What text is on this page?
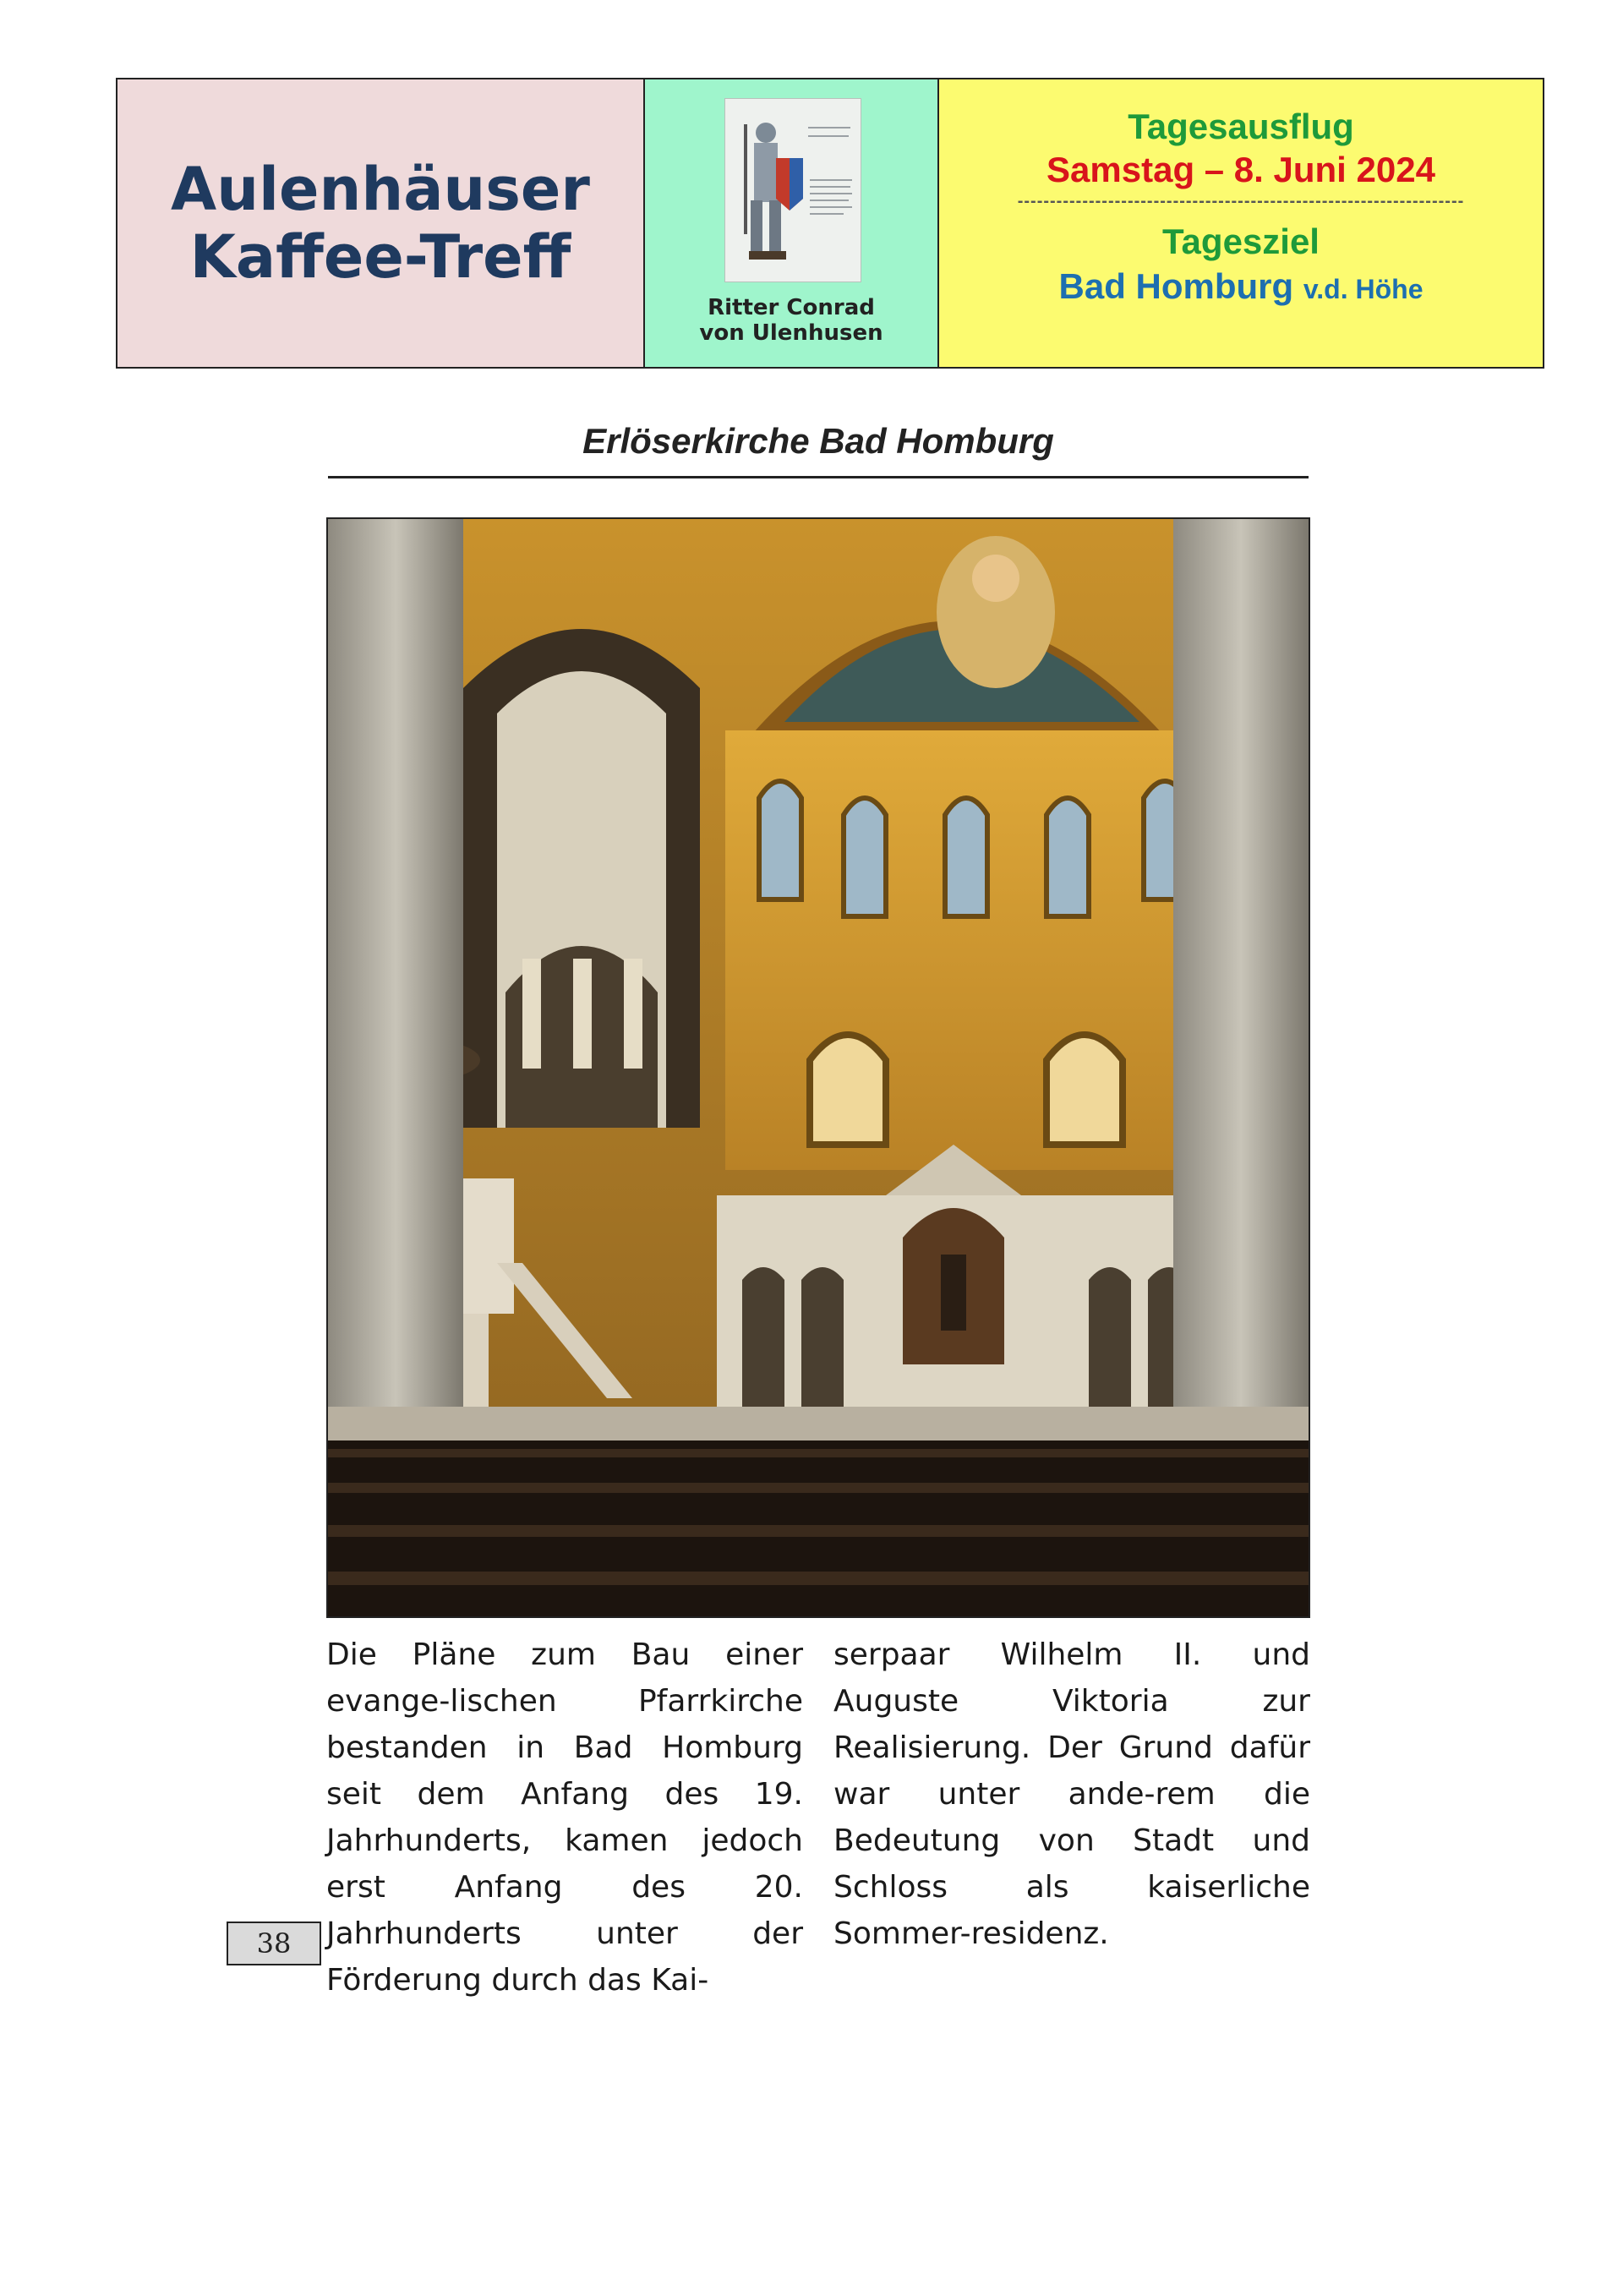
Aulenhäuser
Kaffee-Treff
Ritter Conrad
von Ulenhusen
Tagesausflug
Samstag – 8. Juni 2024
---------------------------------------------------------------------
Tagesziel
Bad Homburg v.d. Höhe
Erlöserkirche Bad Homburg
Die Pläne zum Bau einer evange-lischen Pfarrkirche bestanden in Bad Homburg seit dem Anfang des 19. Jahrhunderts, kamen jedoch erst Anfang des 20. Jahrhunderts unter der Förderung durch das Kai-
serpaar Wilhelm II. und Auguste Viktoria zur Realisierung. Der Grund dafür war unter ande-rem die Bedeutung von Stadt und Schloss als kaiserliche Sommer-residenz.
38
